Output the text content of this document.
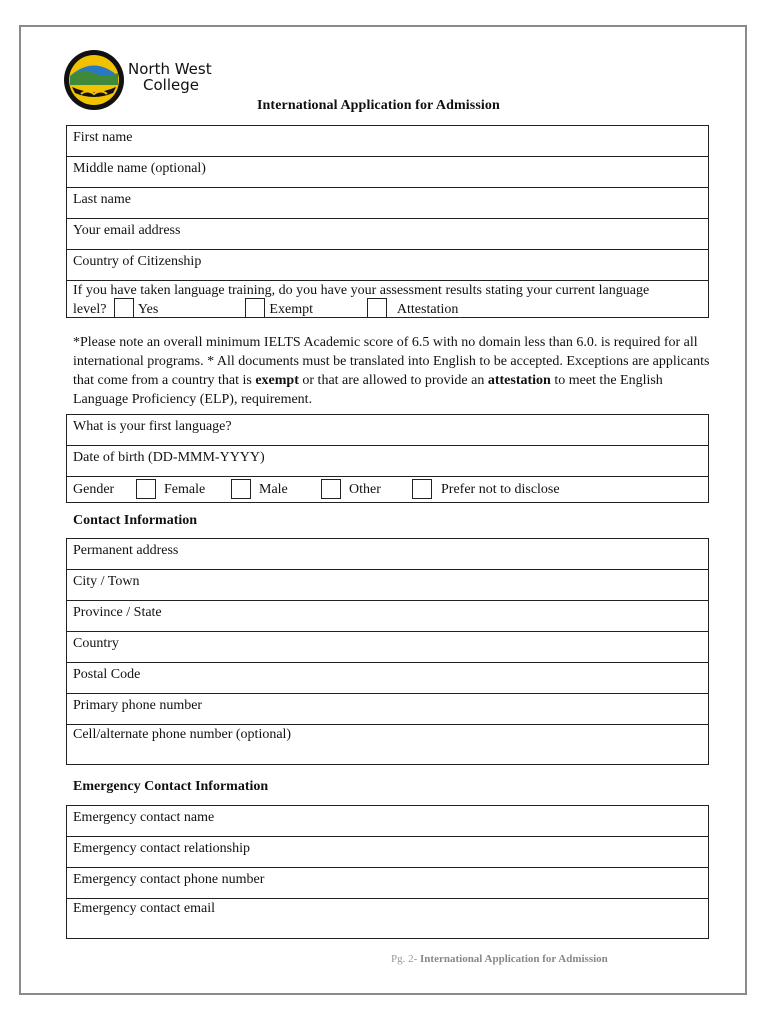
North West
College
International Application for Admission
First name
Middle name (optional)
Last name
Your email address
Country of Citizenship
If you have taken language training, do you have your assessment results stating your current language
level? Yes	Exempt	Attestation
*Please note an overall minimum IELTS Academic score of 6.5 with no domain less than 6.0. is required for all international programs. * All documents must be translated into English to be accepted. Exceptions are applicants that come from a country that is exempt or that are allowed to provide an attestation to meet the English Language Proficiency (ELP), requirement.
What is your first language?
Date of birth (DD-MMM-YYYY)
Gender	Female	Male	Other	Prefer not to disclose
Contact Information
Permanent address
City / Town
Province / State
Country
Postal Code
Primary phone number
Cell/alternate phone number (optional)
Emergency Contact Information
Emergency contact name
Emergency contact relationship
Emergency contact phone number
Emergency contact email
Pg. 2- International Application for Admission
